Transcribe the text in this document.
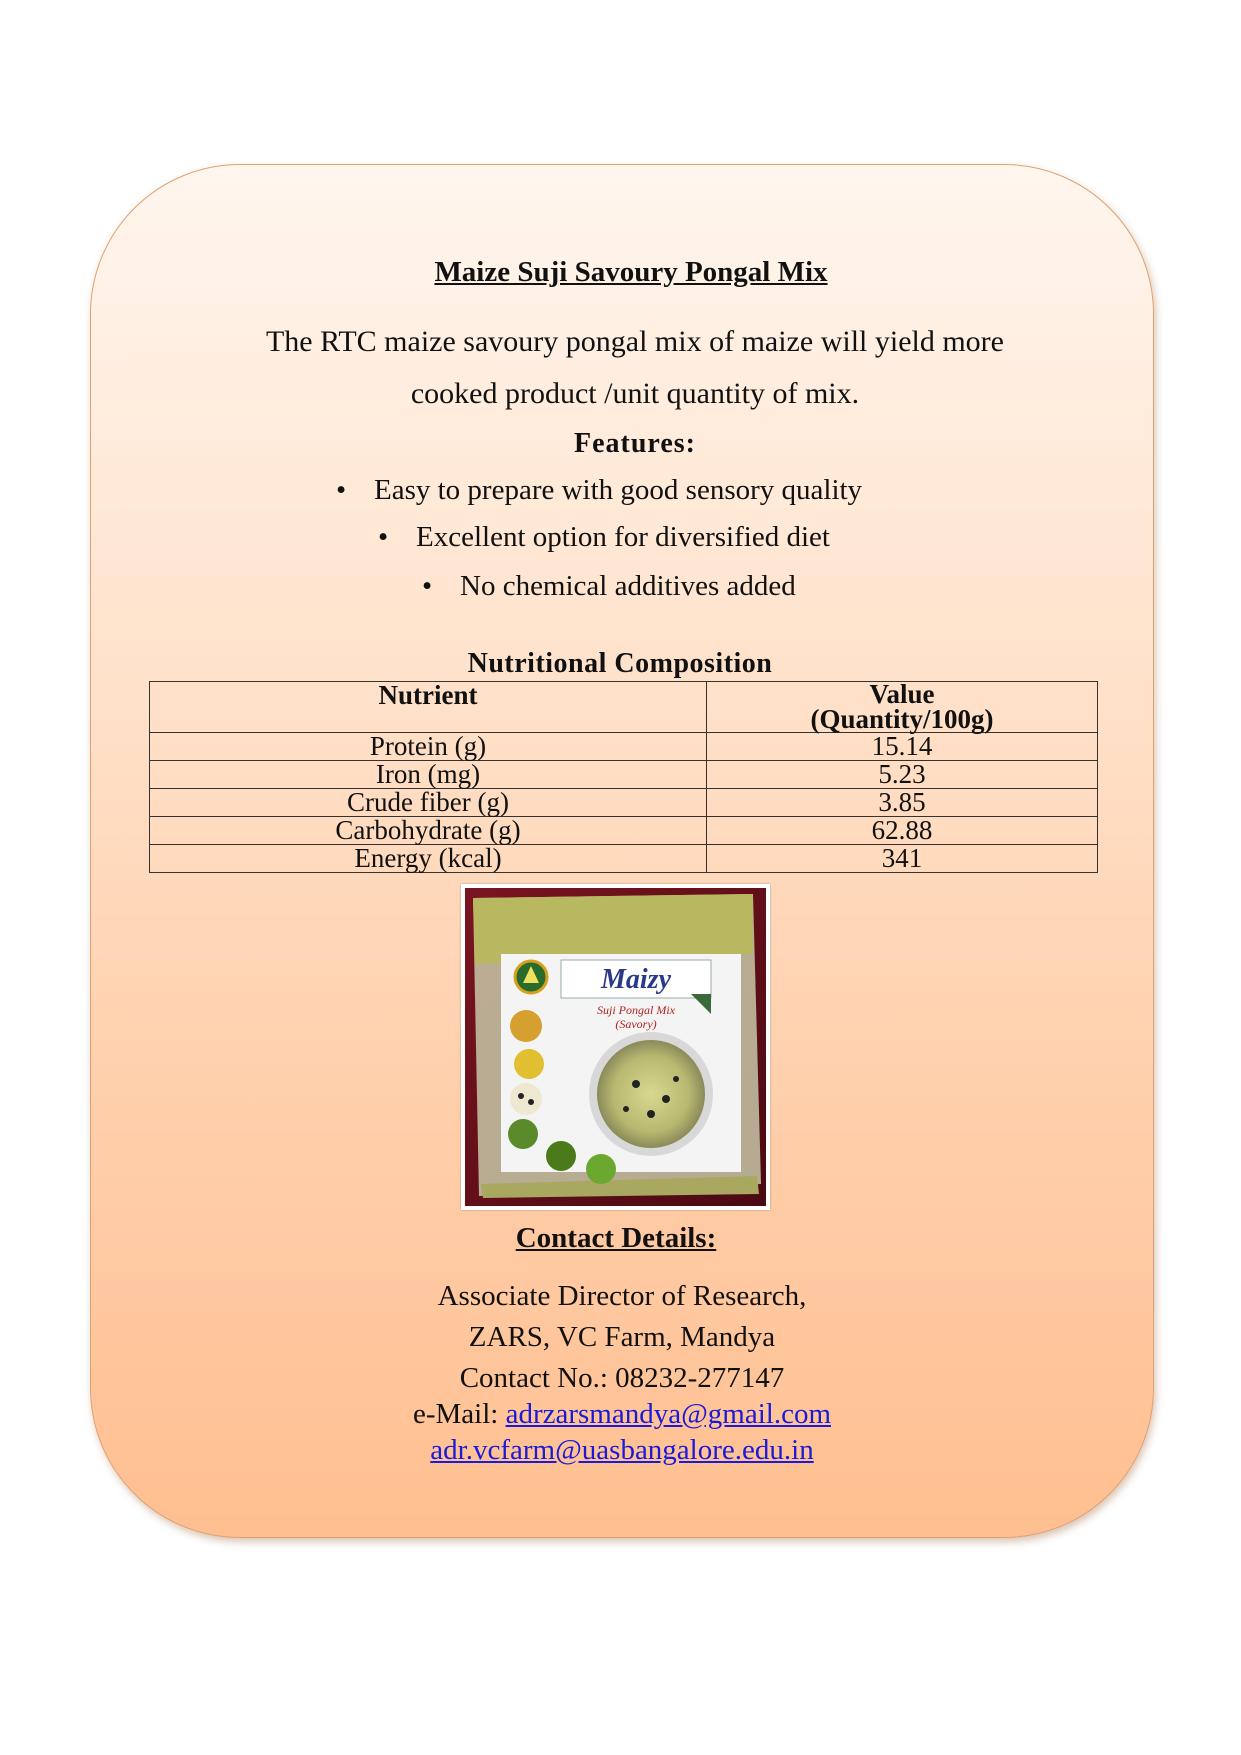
Maize Suji Savoury Pongal Mix
The RTC maize savoury pongal mix of maize will yield more
cooked product /unit quantity of mix.
Features:
• Easy to prepare with good sensory quality
• Excellent option for diversified diet
• No chemical additives added
Nutritional Composition
Nutrient	Value
(Quantity/100g)

Protein (g)	15.14
Iron (mg)	5.23
Crude fiber (g)	3.85
Carbohydrate (g)	62.88
Energy (kcal)	341
Maizy
Suji Pongal Mix
(Savory)
Contact Details:
Associate Director of Research,
ZARS, VC Farm, Mandya
Contact No.: 08232-277147
e-Mail: adrzarsmandya@gmail.com
adr.vcfarm@uasbangalore.edu.in
